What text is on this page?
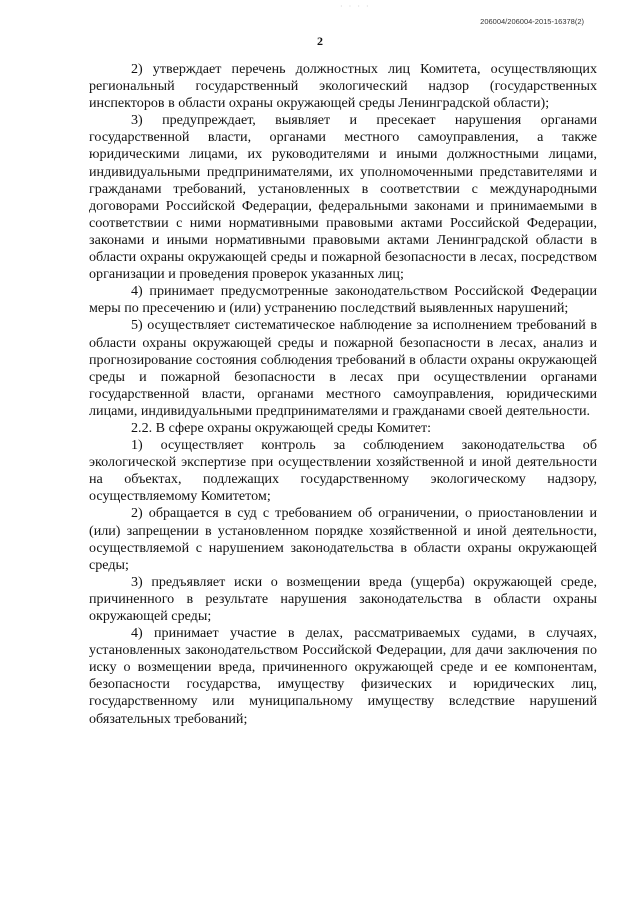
· · · ·
206004/206004-2015-16378(2)
2

2) утверждает перечень должностных лиц Комитета, осуществляющих региональный государственный экологический надзор (государственных инспекторов в области охраны окружающей среды Ленинградской области);

3) предупреждает, выявляет и пресекает нарушения органами государственной власти, органами местного самоуправления, а также юридическими лицами, их руководителями и иными должностными лицами, индивидуальными предпринимателями, их уполномоченными представителями и гражданами требований, установленных в соответствии с международными договорами Российской Федерации, федеральными законами и принимаемыми в соответствии с ними нормативными правовыми актами Российской Федерации, законами и иными нормативными правовыми актами Ленинградской области в области охраны окружающей среды и пожарной безопасности в лесах, посредством организации и проведения проверок указанных лиц;

4) принимает предусмотренные законодательством Российской Федерации меры по пресечению и (или) устранению последствий выявленных нарушений;

5) осуществляет систематическое наблюдение за исполнением требований в области охраны окружающей среды и пожарной безопасности в лесах, анализ и прогнозирование состояния соблюдения требований в области охраны окружающей среды и пожарной безопасности в лесах при осуществлении органами государственной власти, органами местного самоуправления, юридическими лицами, индивидуальными предпринимателями и гражданами своей деятельности.

2.2. В сфере охраны окружающей среды Комитет:

1) осуществляет контроль за соблюдением законодательства об экологической экспертизе при осуществлении хозяйственной и иной деятельности на объектах, подлежащих государственному экологическому надзору, осуществляемому Комитетом;

2) обращается в суд с требованием об ограничении, о приостановлении и (или) запрещении в установленном порядке хозяйственной и иной деятельности, осуществляемой с нарушением законодательства в области охраны окружающей среды;

3) предъявляет иски о возмещении вреда (ущерба) окружающей среде, причиненного в результате нарушения законодательства в области охраны окружающей среды;

4) принимает участие в делах, рассматриваемых судами, в случаях, установленных законодательством Российской Федерации, для дачи заключения по иску о возмещении вреда, причиненного окружающей среде и ее компонентам, безопасности государства, имуществу физических и юридических лиц, государственному или муниципальному имуществу вследствие нарушений обязательных требований;
